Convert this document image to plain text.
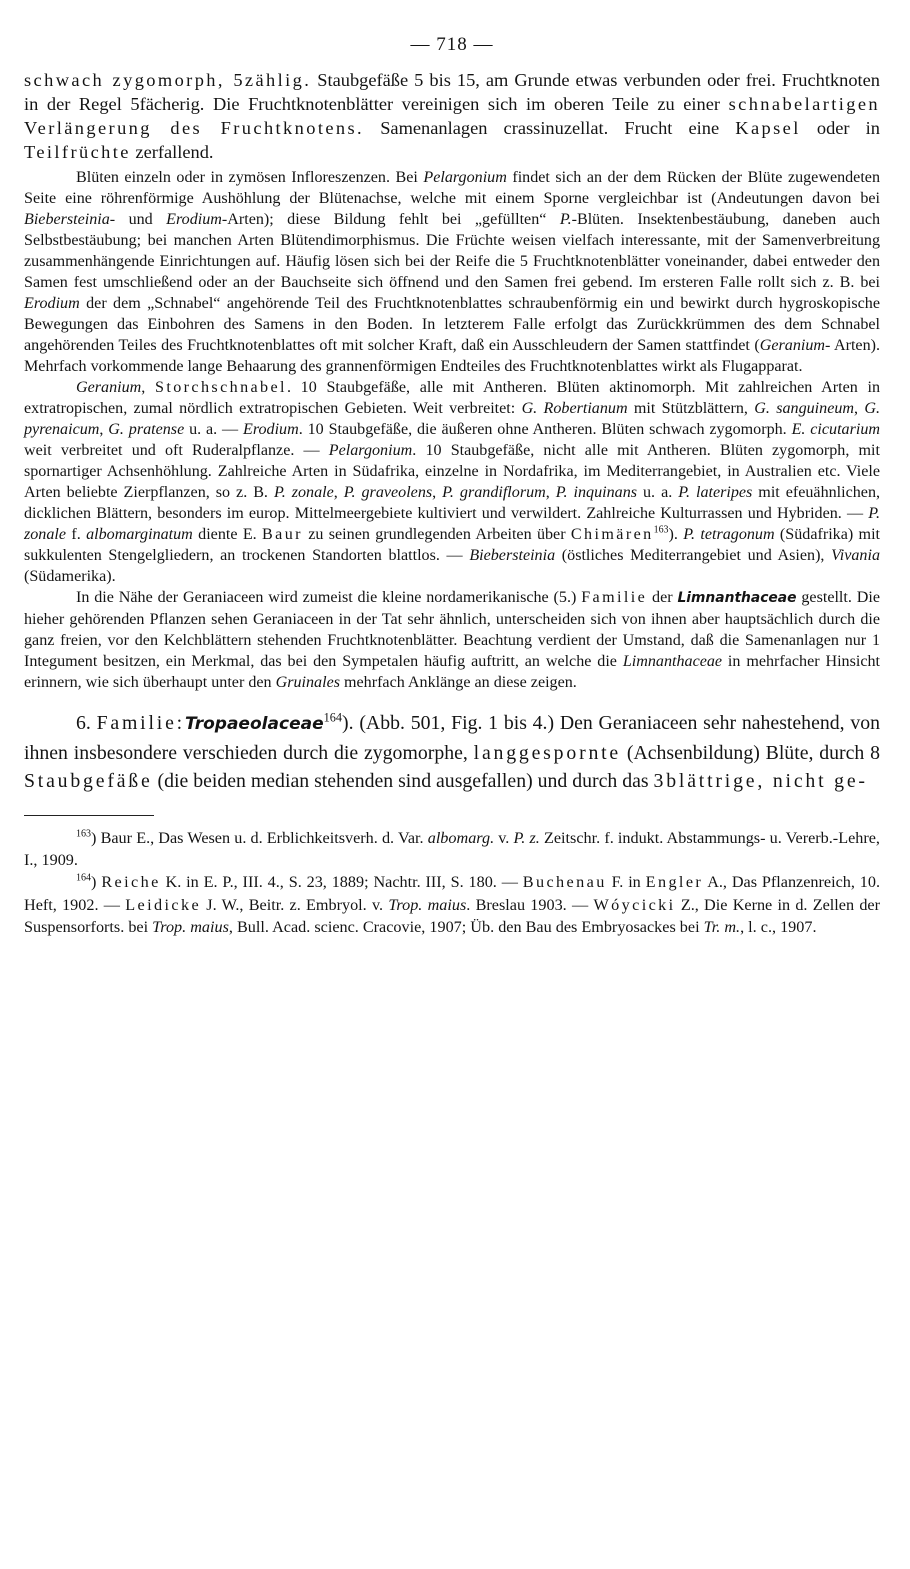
— 718 —

schwach zygomorph, 5zählig. Staubgefäße 5 bis 15, am Grunde etwas verbunden oder frei. Fruchtknoten in der Regel 5fächerig. Die Fruchtknotenblätter vereinigen sich im oberen Teile zu einer schnabelartigen Verlängerung des Fruchtknotens. Samenanlagen crassinuzellat. Frucht eine Kapsel oder in Teilfrüchte zerfallend.

Blüten einzeln oder in zymösen Infloreszenzen. Bei Pelargonium findet sich an der dem Rücken der Blüte zugewendeten Seite eine röhrenförmige Aushöhlung der Blütenachse, welche mit einem Sporne vergleichbar ist (Andeutungen davon bei Biebersteinia- und Erodium-Arten); diese Bildung fehlt bei „gefüllten“ P.-Blüten. Insektenbestäubung, daneben auch Selbstbestäubung; bei manchen Arten Blütendimorphismus. Die Früchte weisen vielfach interessante, mit der Samenverbreitung zusammenhängende Einrichtungen auf. Häufig lösen sich bei der Reife die 5 Fruchtknotenblätter voneinander, dabei entweder den Samen fest umschließend oder an der Bauchseite sich öffnend und den Samen frei gebend. Im ersteren Falle rollt sich z. B. bei Erodium der dem „Schnabel“ angehörende Teil des Fruchtknotenblattes schraubenförmig ein und bewirkt durch hygroskopische Bewegungen das Einbohren des Samens in den Boden. In letzterem Falle erfolgt das Zurückkrümmen des dem Schnabel angehörenden Teiles des Fruchtknotenblattes oft mit solcher Kraft, daß ein Ausschleudern der Samen stattfindet (Geranium- Arten). Mehrfach vorkommende lange Behaarung des grannenförmigen Endteiles des Fruchtknotenblattes wirkt als Flugapparat.

Geranium, Storchschnabel. 10 Staubgefäße, alle mit Antheren. Blüten aktinomorph. Mit zahlreichen Arten in extratropischen, zumal nördlich extratropischen Gebieten. Weit verbreitet: G. Robertianum mit Stützblättern, G. sanguineum, G. pyrenaicum, G. pratense u. a. — Erodium. 10 Staubgefäße, die äußeren ohne Antheren. Blüten schwach zygomorph. E. cicutarium weit verbreitet und oft Ruderalpflanze. — Pelargonium. 10 Staubgefäße, nicht alle mit Antheren. Blüten zygomorph, mit spornartiger Achsenhöhlung. Zahlreiche Arten in Südafrika, einzelne in Nordafrika, im Mediterrangebiet, in Australien etc. Viele Arten beliebte Zierpflanzen, so z. B. P. zonale, P. graveolens, P. grandiflorum, P. inquinans u. a. P. lateripes mit efeuähnlichen, dicklichen Blättern, besonders im europ. Mittelmeergebiete kultiviert und verwildert. Zahlreiche Kulturrassen und Hybriden. — P. zonale f. albomarginatum diente E. Baur zu seinen grundlegenden Arbeiten über Chimären$^{163}$). P. tetragonum (Südafrika) mit sukkulenten Stengelgliedern, an trockenen Standorten blattlos. — Biebersteinia (östliches Mediterrangebiet und Asien), Vivania (Südamerika).

In die Nähe der Geraniaceen wird zumeist die kleine nordamerikanische (5.) Familie der Limnanthaceae gestellt. Die hieher gehörenden Pflanzen sehen Geraniaceen in der Tat sehr ähnlich, unterscheiden sich von ihnen aber hauptsächlich durch die ganz freien, vor den Kelchblättern stehenden Fruchtknotenblätter. Beachtung verdient der Umstand, daß die Samenanlagen nur 1 Integument besitzen, ein Merkmal, das bei den Sympetalen häufig auftritt, an welche die Limnanthaceae in mehrfacher Hinsicht erinnern, wie sich überhaupt unter den Gruinales mehrfach Anklänge an diese zeigen.

6. Familie:Tropaeolaceae$^{164}$). (Abb. 501, Fig. 1 bis 4.) Den Geraniaceen sehr nahestehend, von ihnen insbesondere verschieden durch die zygomorphe, langgespornte (Achsenbildung) Blüte, durch 8 Staubgefäße (die beiden median stehenden sind ausgefallen) und durch das 3blättrige, nicht ge-

$^{163}$) Baur E., Das Wesen u. d. Erblichkeitsverh. d. Var. albomarg. v. P. z. Zeitschr. f. indukt. Abstammungs- u. Vererb.-Lehre, I., 1909.

$^{164}$) Reiche K. in E. P., III. 4., S. 23, 1889; Nachtr. III, S. 180. — Buchenau F. in Engler A., Das Pflanzenreich, 10. Heft, 1902. — Leidicke J. W., Beitr. z. Embryol. v. Trop. maius. Breslau 1903. — Wóycicki Z., Die Kerne in d. Zellen der Suspensorforts. bei Trop. maius, Bull. Acad. scienc. Cracovie, 1907; Üb. den Bau des Embryosackes bei Tr. m., l. c., 1907.
